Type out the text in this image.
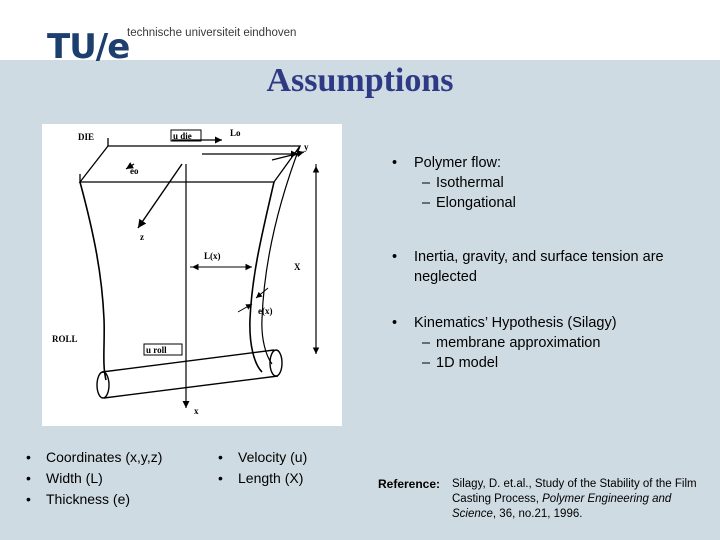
TU/e
technische universiteit eindhoven
Assumptions
DIE	u die	Lo
y
eo
z
L(x)
X
e(x)
ROLL
u roll
x
• Polymer flow:
– Isothermal
– Elongational
• Inertia, gravity, and surface tension are neglected
• Kinematics’ Hypothesis (Silagy)
– membrane approximation
– 1D model
• Coordinates (x,y,z)
• Width (L)
• Thickness (e)
• Velocity (u)
• Length (X)	Reference: Silagy, D. et.al., Study of the Stability of the Film Casting Process, Polymer Engineering and Science, 36, no.21, 1996.
